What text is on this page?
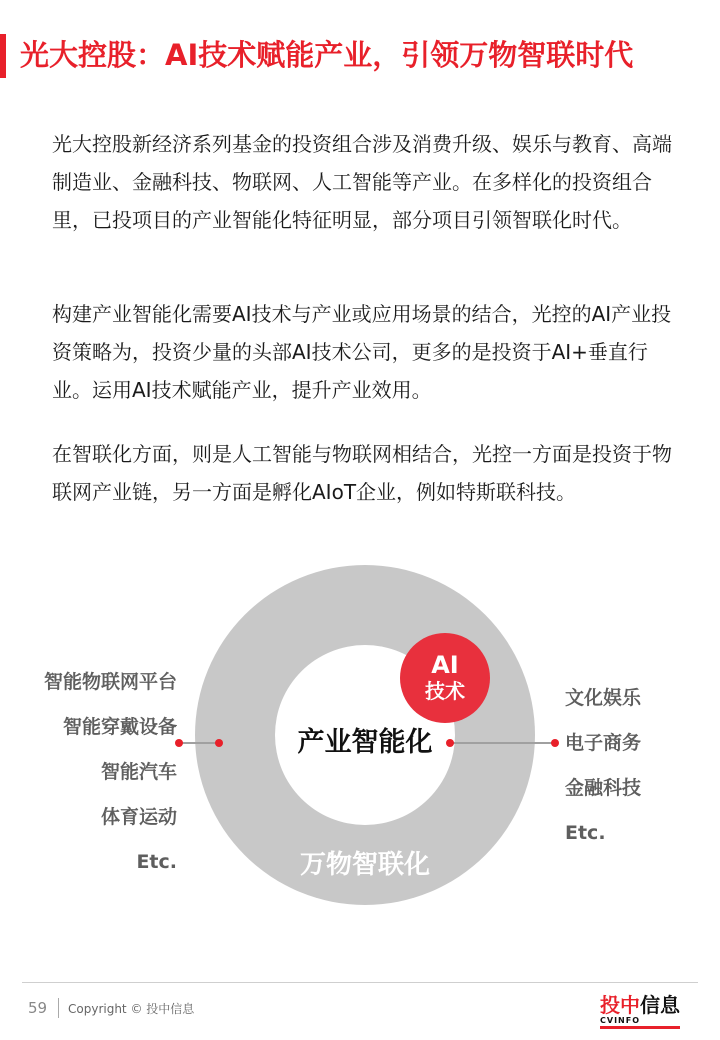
光大控股：AI技术赋能产业，引领万物智联时代

光大控股新经济系列基金的投资组合涉及消费升级、娱乐与教育、高端制造业、金融科技、物联网、人工智能等产业。在多样化的投资组合里，已投项目的产业智能化特征明显，部分项目引领智联化时代。

构建产业智能化需要AI技术与产业或应用场景的结合，光控的AI产业投资策略为，投资少量的头部AI技术公司，更多的是投资于AI+垂直行业。运用AI技术赋能产业，提升产业效用。

在智联化方面，则是人工智能与物联网相结合，光控一方面是投资于物联网产业链，另一方面是孵化AIoT企业，例如特斯联科技。

产业智能化
万物智联化
AI
技术
智能物联网平台
智能穿戴设备
智能汽车
体育运动
Etc.
文化娱乐
电子商务
金融科技
Etc.
59 Copyright © 投中信息	投中信息
CVINFO
